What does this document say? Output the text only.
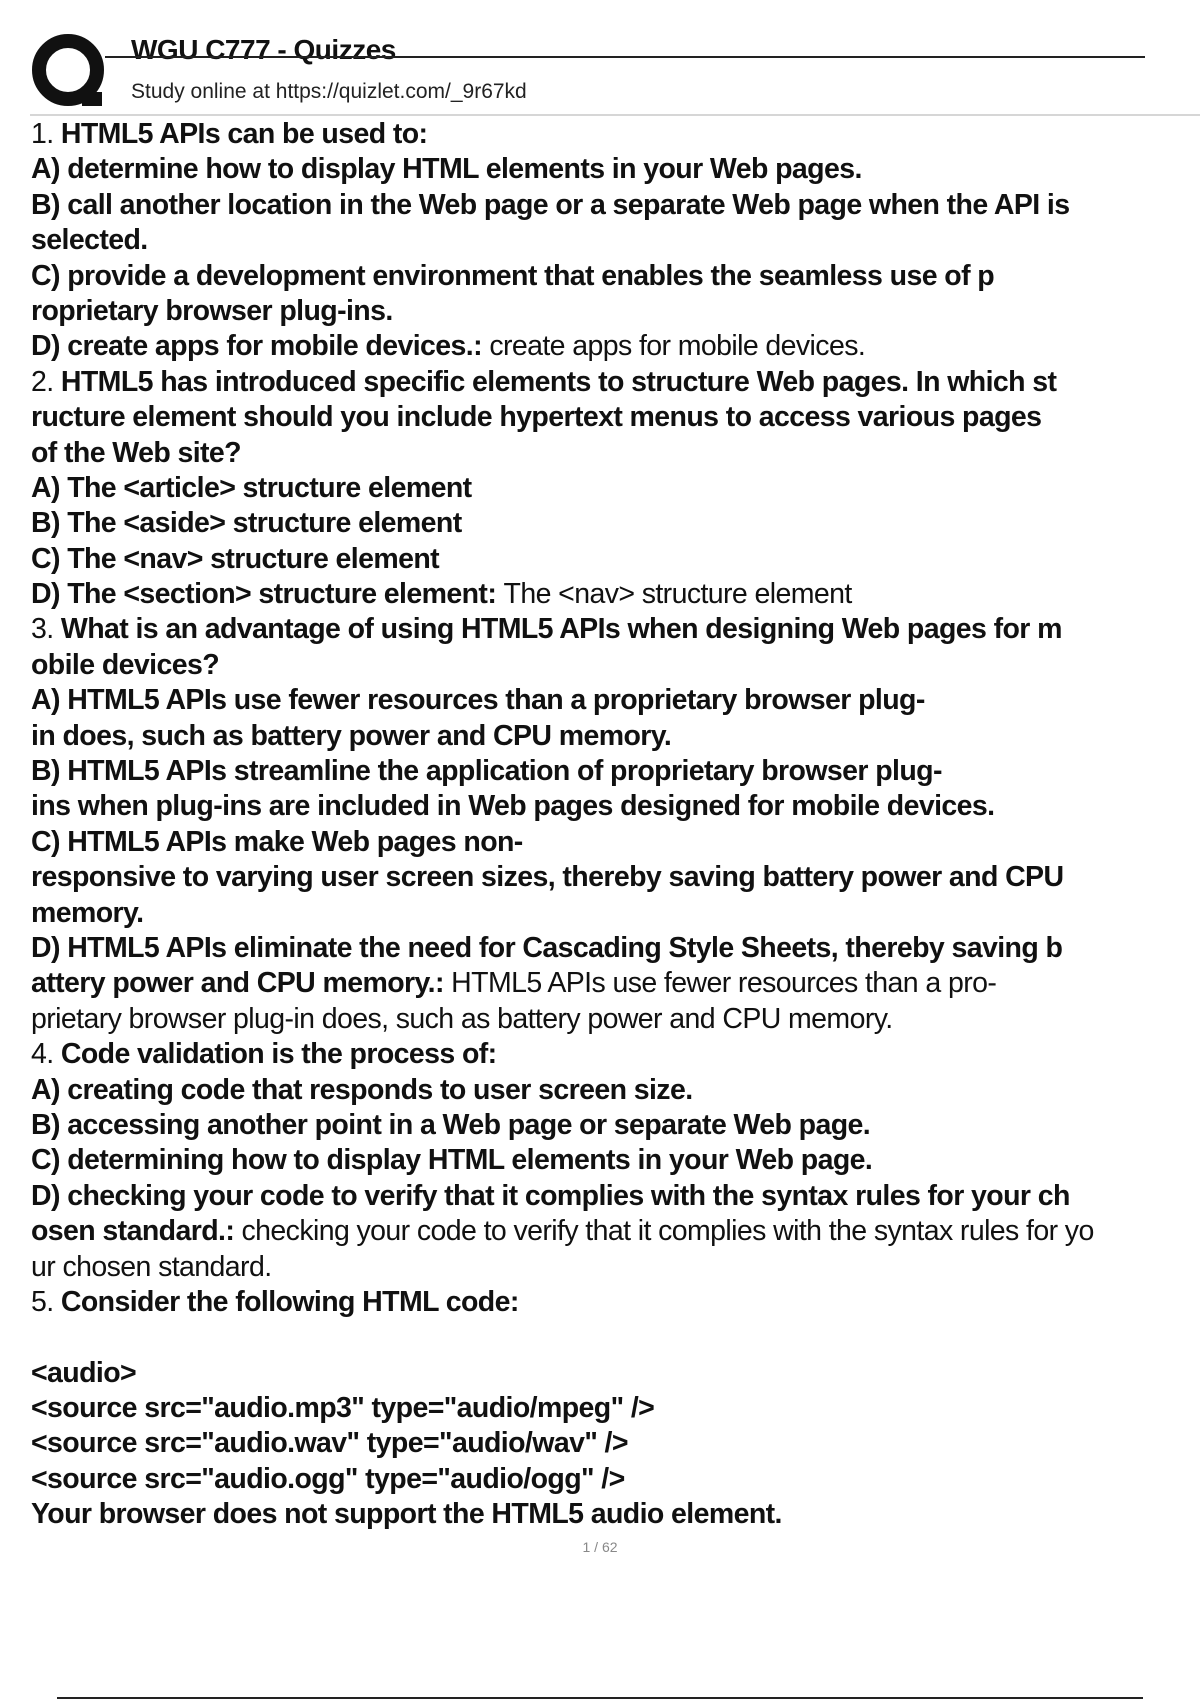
WGU C777 - Quizzes
Study online at https://quizlet.com/_9r67kd
1. HTML5 APIs can be used to:
A) determine how to display HTML elements in your Web pages.
B) call another location in the Web page or a separate Web page when the API is
selected.
C) provide a development environment that enables the seamless use of p
roprietary browser plug-ins.
D) create apps for mobile devices.: create apps for mobile devices.
2. HTML5 has introduced specific elements to structure Web pages. In which st
ructure element should you include hypertext menus to access various pages
of the Web site?
A) The <article> structure element
B) The <aside> structure element
C) The <nav> structure element
D) The <section> structure element: The <nav> structure element
3. What is an advantage of using HTML5 APIs when designing Web pages for m
obile devices?
A) HTML5 APIs use fewer resources than a proprietary browser plug-
in does, such as battery power and CPU memory.
B) HTML5 APIs streamline the application of proprietary browser plug-
ins when plug-ins are included in Web pages designed for mobile devices.
C) HTML5 APIs make Web pages non-
responsive to varying user screen sizes, thereby saving battery power and CPU
memory.
D) HTML5 APIs eliminate the need for Cascading Style Sheets, thereby saving b
attery power and CPU memory.: HTML5 APIs use fewer resources than a pro-
prietary browser plug-in does, such as battery power and CPU memory.
4. Code validation is the process of:
A) creating code that responds to user screen size.
B) accessing another point in a Web page or separate Web page.
C) determining how to display HTML elements in your Web page.
D) checking your code to verify that it complies with the syntax rules for your ch
osen standard.: checking your code to verify that it complies with the syntax rules for yo
ur chosen standard.
5. Consider the following HTML code:
<audio>
<source src="audio.mp3" type="audio/mpeg" />
<source src="audio.wav" type="audio/wav" />
<source src="audio.ogg" type="audio/ogg" />
Your browser does not support the HTML5 audio element.
1 / 62
